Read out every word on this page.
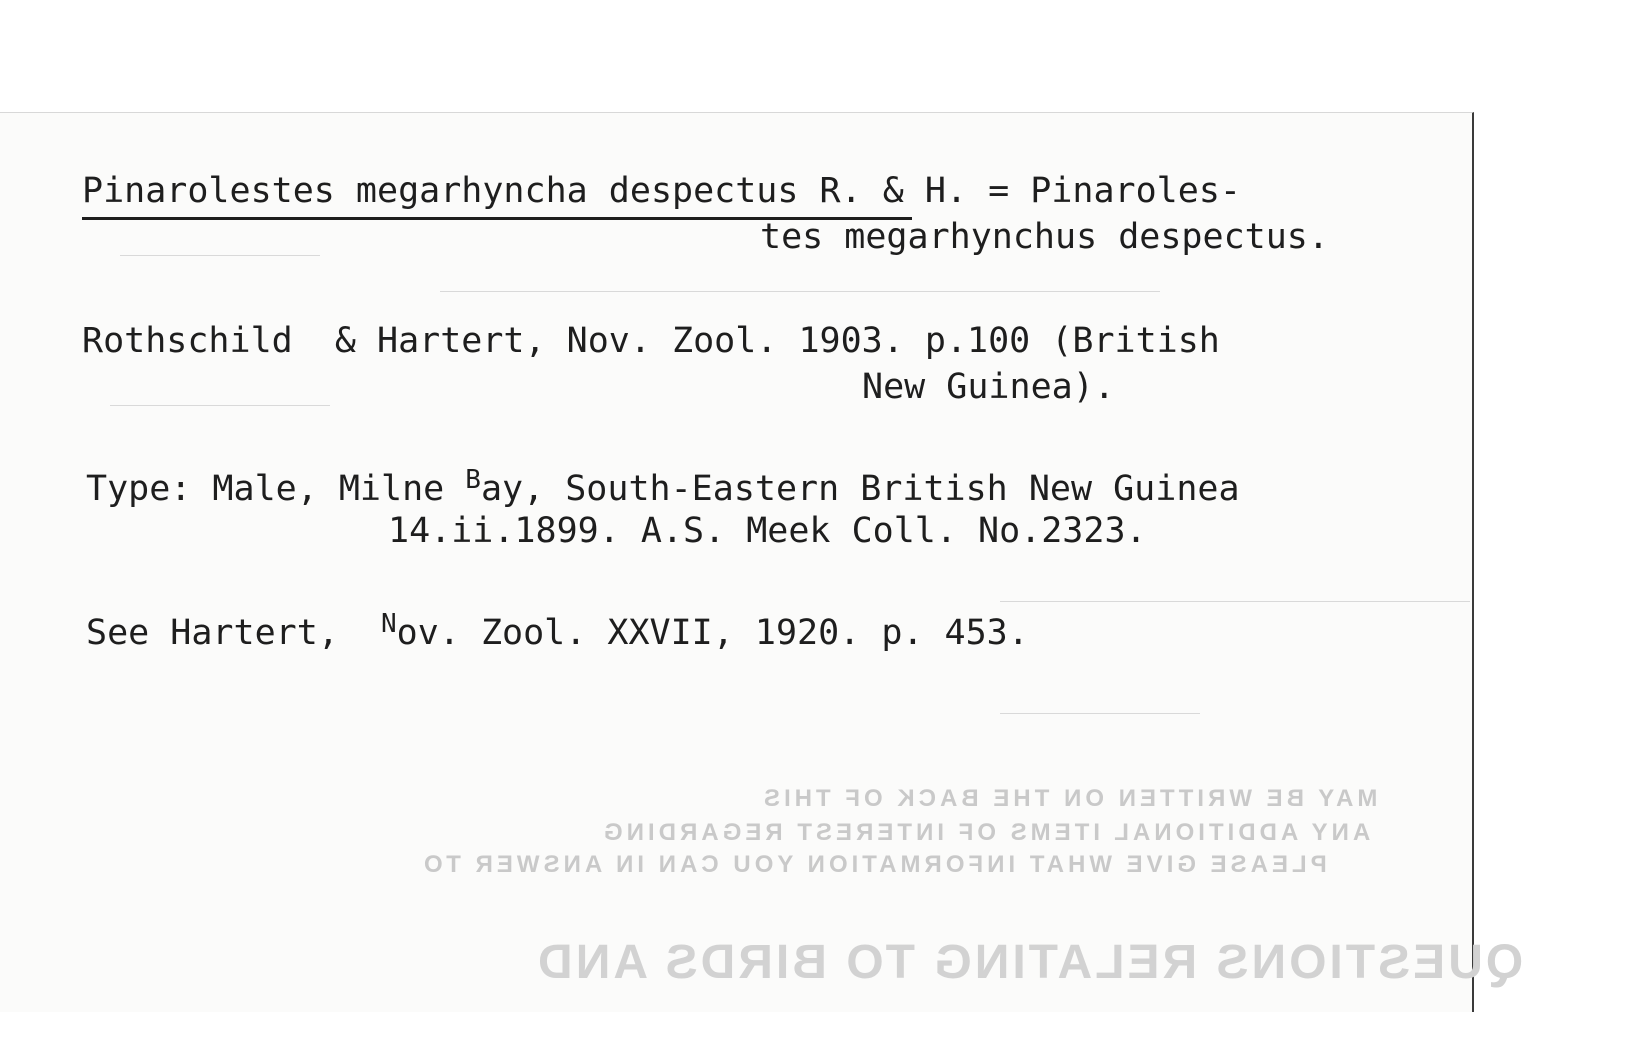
MAY BE WRITTEN ON THE BACK OF THIS
ANY ADDITIONAL ITEMS OF INTEREST REGARDING
PLEASE GIVE WHAT INFORMATION YOU CAN IN ANSWER TO
QUESTIONS RELATING TO BIRDS AND
Pinarolestes megarhyncha despectus R. & H. = Pinaroles-
tes megarhynchus despectus.
Rothschild  & Hartert, Nov. Zool. 1903. p.100 (British
New Guinea).
Type: Male, Milne $^B$ay, South-Eastern British New Guinea
14.ii.1899. A.S. Meek Coll. No.2323.
See Hartert,  $^N$ov. Zool. XXVII, 1920. p. 453.
